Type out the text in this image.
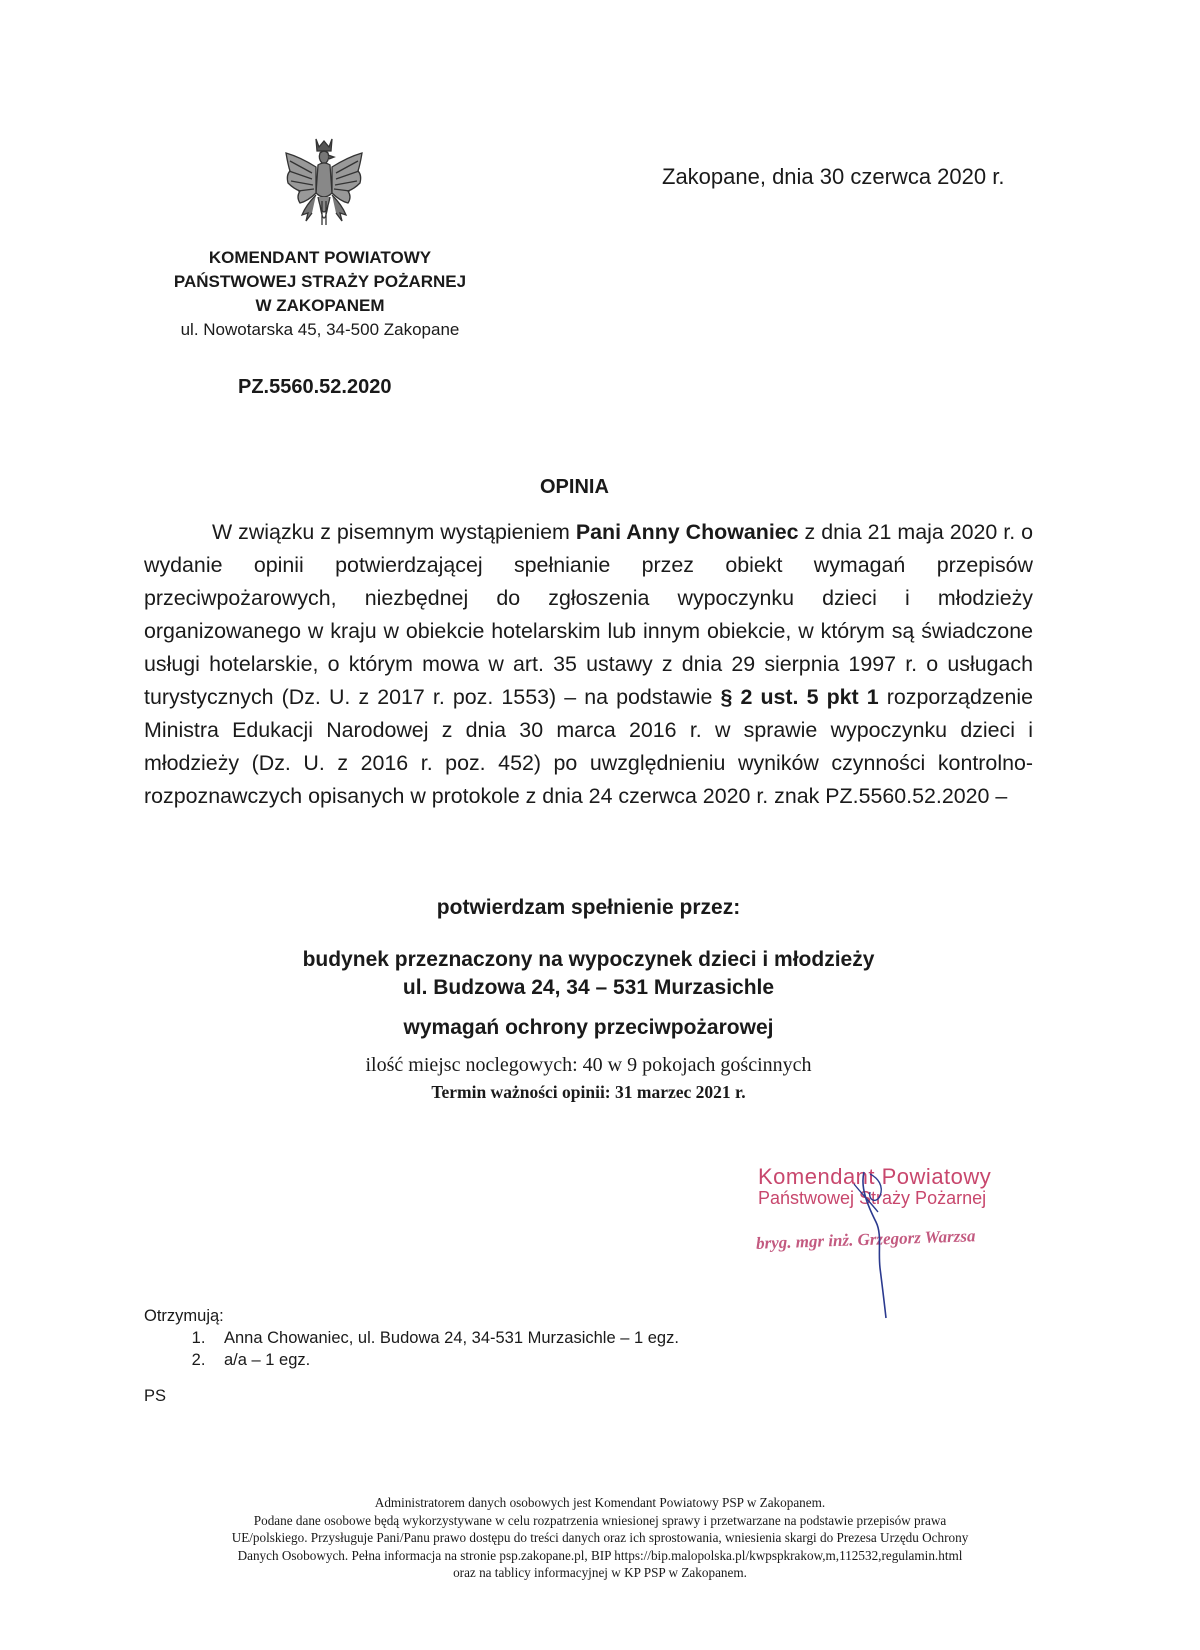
Zakopane, dnia 30 czerwca 2020 r.
KOMENDANT POWIATOWY
PAŃSTWOWEJ STRAŻY POŻARNEJ
W ZAKOPANEM
ul. Nowotarska 45, 34-500 Zakopane
PZ.5560.52.2020
OPINIA

W związku z pisemnym wystąpieniem Pani Anny Chowaniec z dnia 21 maja 2020 r. o wydanie opinii potwierdzającej spełnianie przez obiekt wymagań przepisów przeciwpożarowych, niezbędnej do zgłoszenia wypoczynku dzieci i młodzieży organizowanego w kraju w obiekcie hotelarskim lub innym obiekcie, w którym są świadczone usługi hotelarskie, o którym mowa w art. 35 ustawy z dnia 29 sierpnia 1997 r. o usługach turystycznych (Dz. U. z 2017 r. poz. 1553) – na podstawie § 2 ust. 5 pkt 1 rozporządzenie Ministra Edukacji Narodowej z dnia 30 marca 2016 r. w sprawie wypoczynku dzieci i młodzieży (Dz. U. z 2016 r. poz. 452) po uwzględnieniu wyników czynności kontrolno-rozpoznawczych opisanych w protokole z dnia 24 czerwca 2020 r. znak PZ.5560.52.2020 –

potwierdzam spełnienie przez:
budynek przeznaczony na wypoczynek dzieci i młodzieży
ul. Budzowa 24, 34 – 531 Murzasichle
wymagań ochrony przeciwpożarowej
ilość miejsc noclegowych: 40 w 9 pokojach gościnnych
Termin ważności opinii: 31 marzec 2021 r.
Komendant Powiatowy
Państwowej Straży Pożarnej
bryg. mgr inż. Grzegorz Warzsa
Otrzymują:
1. Anna Chowaniec, ul. Budowa 24, 34-531 Murzasichle – 1 egz.
2. a/a – 1 egz.
PS
Administratorem danych osobowych jest Komendant Powiatowy PSP w Zakopanem.
Podane dane osobowe będą wykorzystywane w celu rozpatrzenia wniesionej sprawy i przetwarzane na podstawie przepisów prawa
UE/polskiego. Przysługuje Pani/Panu prawo dostępu do treści danych oraz ich sprostowania, wniesienia skargi do Prezesa Urzędu Ochrony
Danych Osobowych. Pełna informacja na stronie psp.zakopane.pl, BIP https://bip.malopolska.pl/kwpspkrakow,m,112532,regulamin.html
oraz na tablicy informacyjnej w KP PSP w Zakopanem.
